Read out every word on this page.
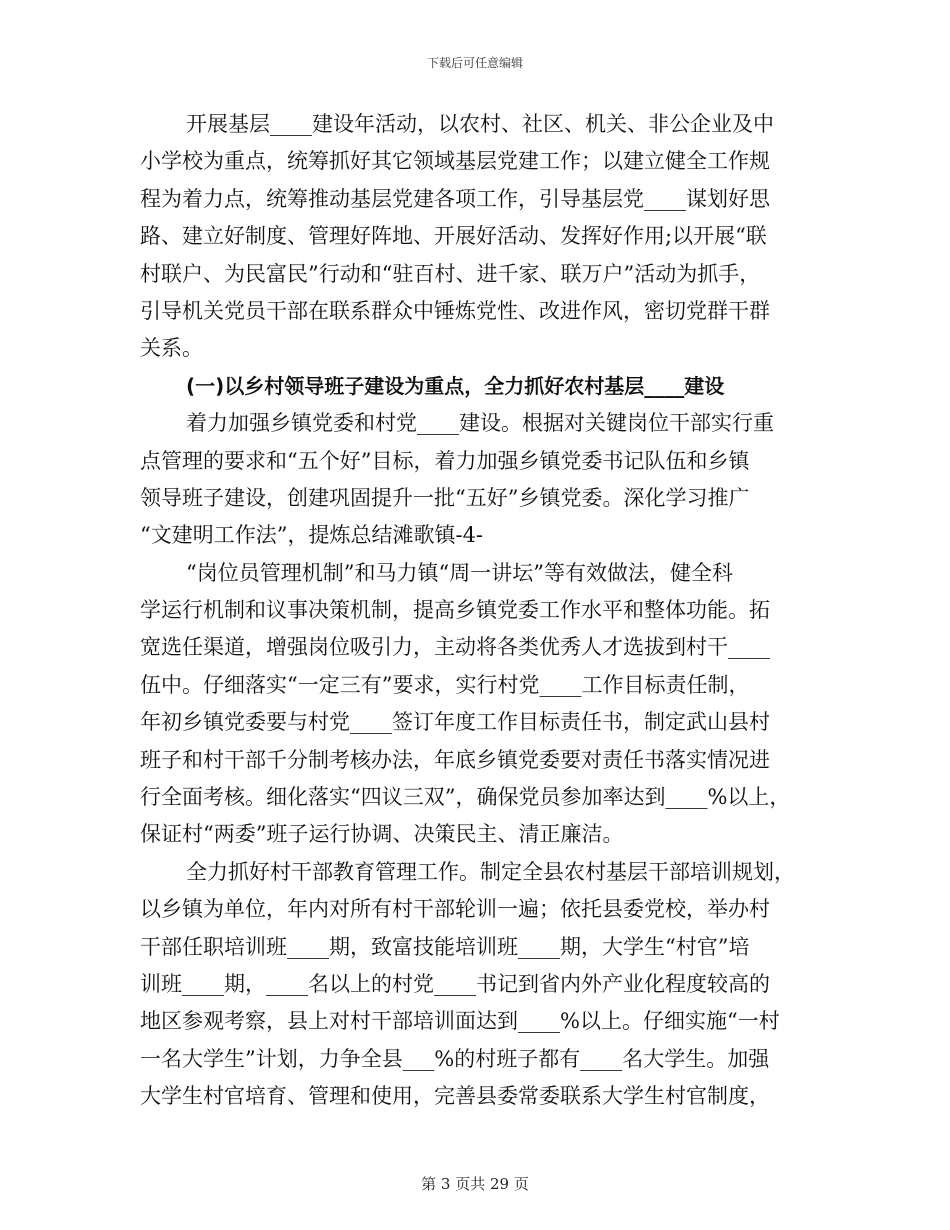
下载后可任意编辑
开展基层____建设年活动，以农村、社区、机关、非公企业及中
小学校为重点，统筹抓好其它领域基层党建工作；以建立健全工作规
程为着力点，统筹推动基层党建各项工作，引导基层党____谋划好思
路、建立好制度、管理好阵地、开展好活动、发挥好作用;以开展“联
村联户、为民富民”行动和“驻百村、进千家、联万户”活动为抓手，
引导机关党员干部在联系群众中锤炼党性、改进作风，密切党群干群
关系。
(一)以乡村领导班子建设为重点，全力抓好农村基层____建设
着力加强乡镇党委和村党____建设。根据对关键岗位干部实行重
点管理的要求和“五个好”目标，着力加强乡镇党委书记队伍和乡镇
领导班子建设，创建巩固提升一批“五好”乡镇党委。深化学习推广
“文建明工作法”，提炼总结滩歌镇-4-
“岗位员管理机制”和马力镇“周一讲坛”等有效做法，健全科
学运行机制和议事决策机制，提高乡镇党委工作水平和整体功能。拓
宽选任渠道，增强岗位吸引力，主动将各类优秀人才选拔到村干____
伍中。仔细落实“一定三有”要求，实行村党____工作目标责任制，
年初乡镇党委要与村党____签订年度工作目标责任书，制定武山县村
班子和村干部千分制考核办法，年底乡镇党委要对责任书落实情况进
行全面考核。细化落实“四议三双”，确保党员参加率达到____%以上，
保证村“两委”班子运行协调、决策民主、清正廉洁。
全力抓好村干部教育管理工作。制定全县农村基层干部培训规划，
以乡镇为单位，年内对所有村干部轮训一遍；依托县委党校，举办村
干部任职培训班____期，致富技能培训班____期，大学生“村官”培
训班____期，____名以上的村党____书记到省内外产业化程度较高的
地区参观考察，县上对村干部培训面达到____%以上。仔细实施“一村
一名大学生”计划，力争全县___%的村班子都有____名大学生。加强
大学生村官培育、管理和使用，完善县委常委联系大学生村官制度，
第 3 页共 29 页
